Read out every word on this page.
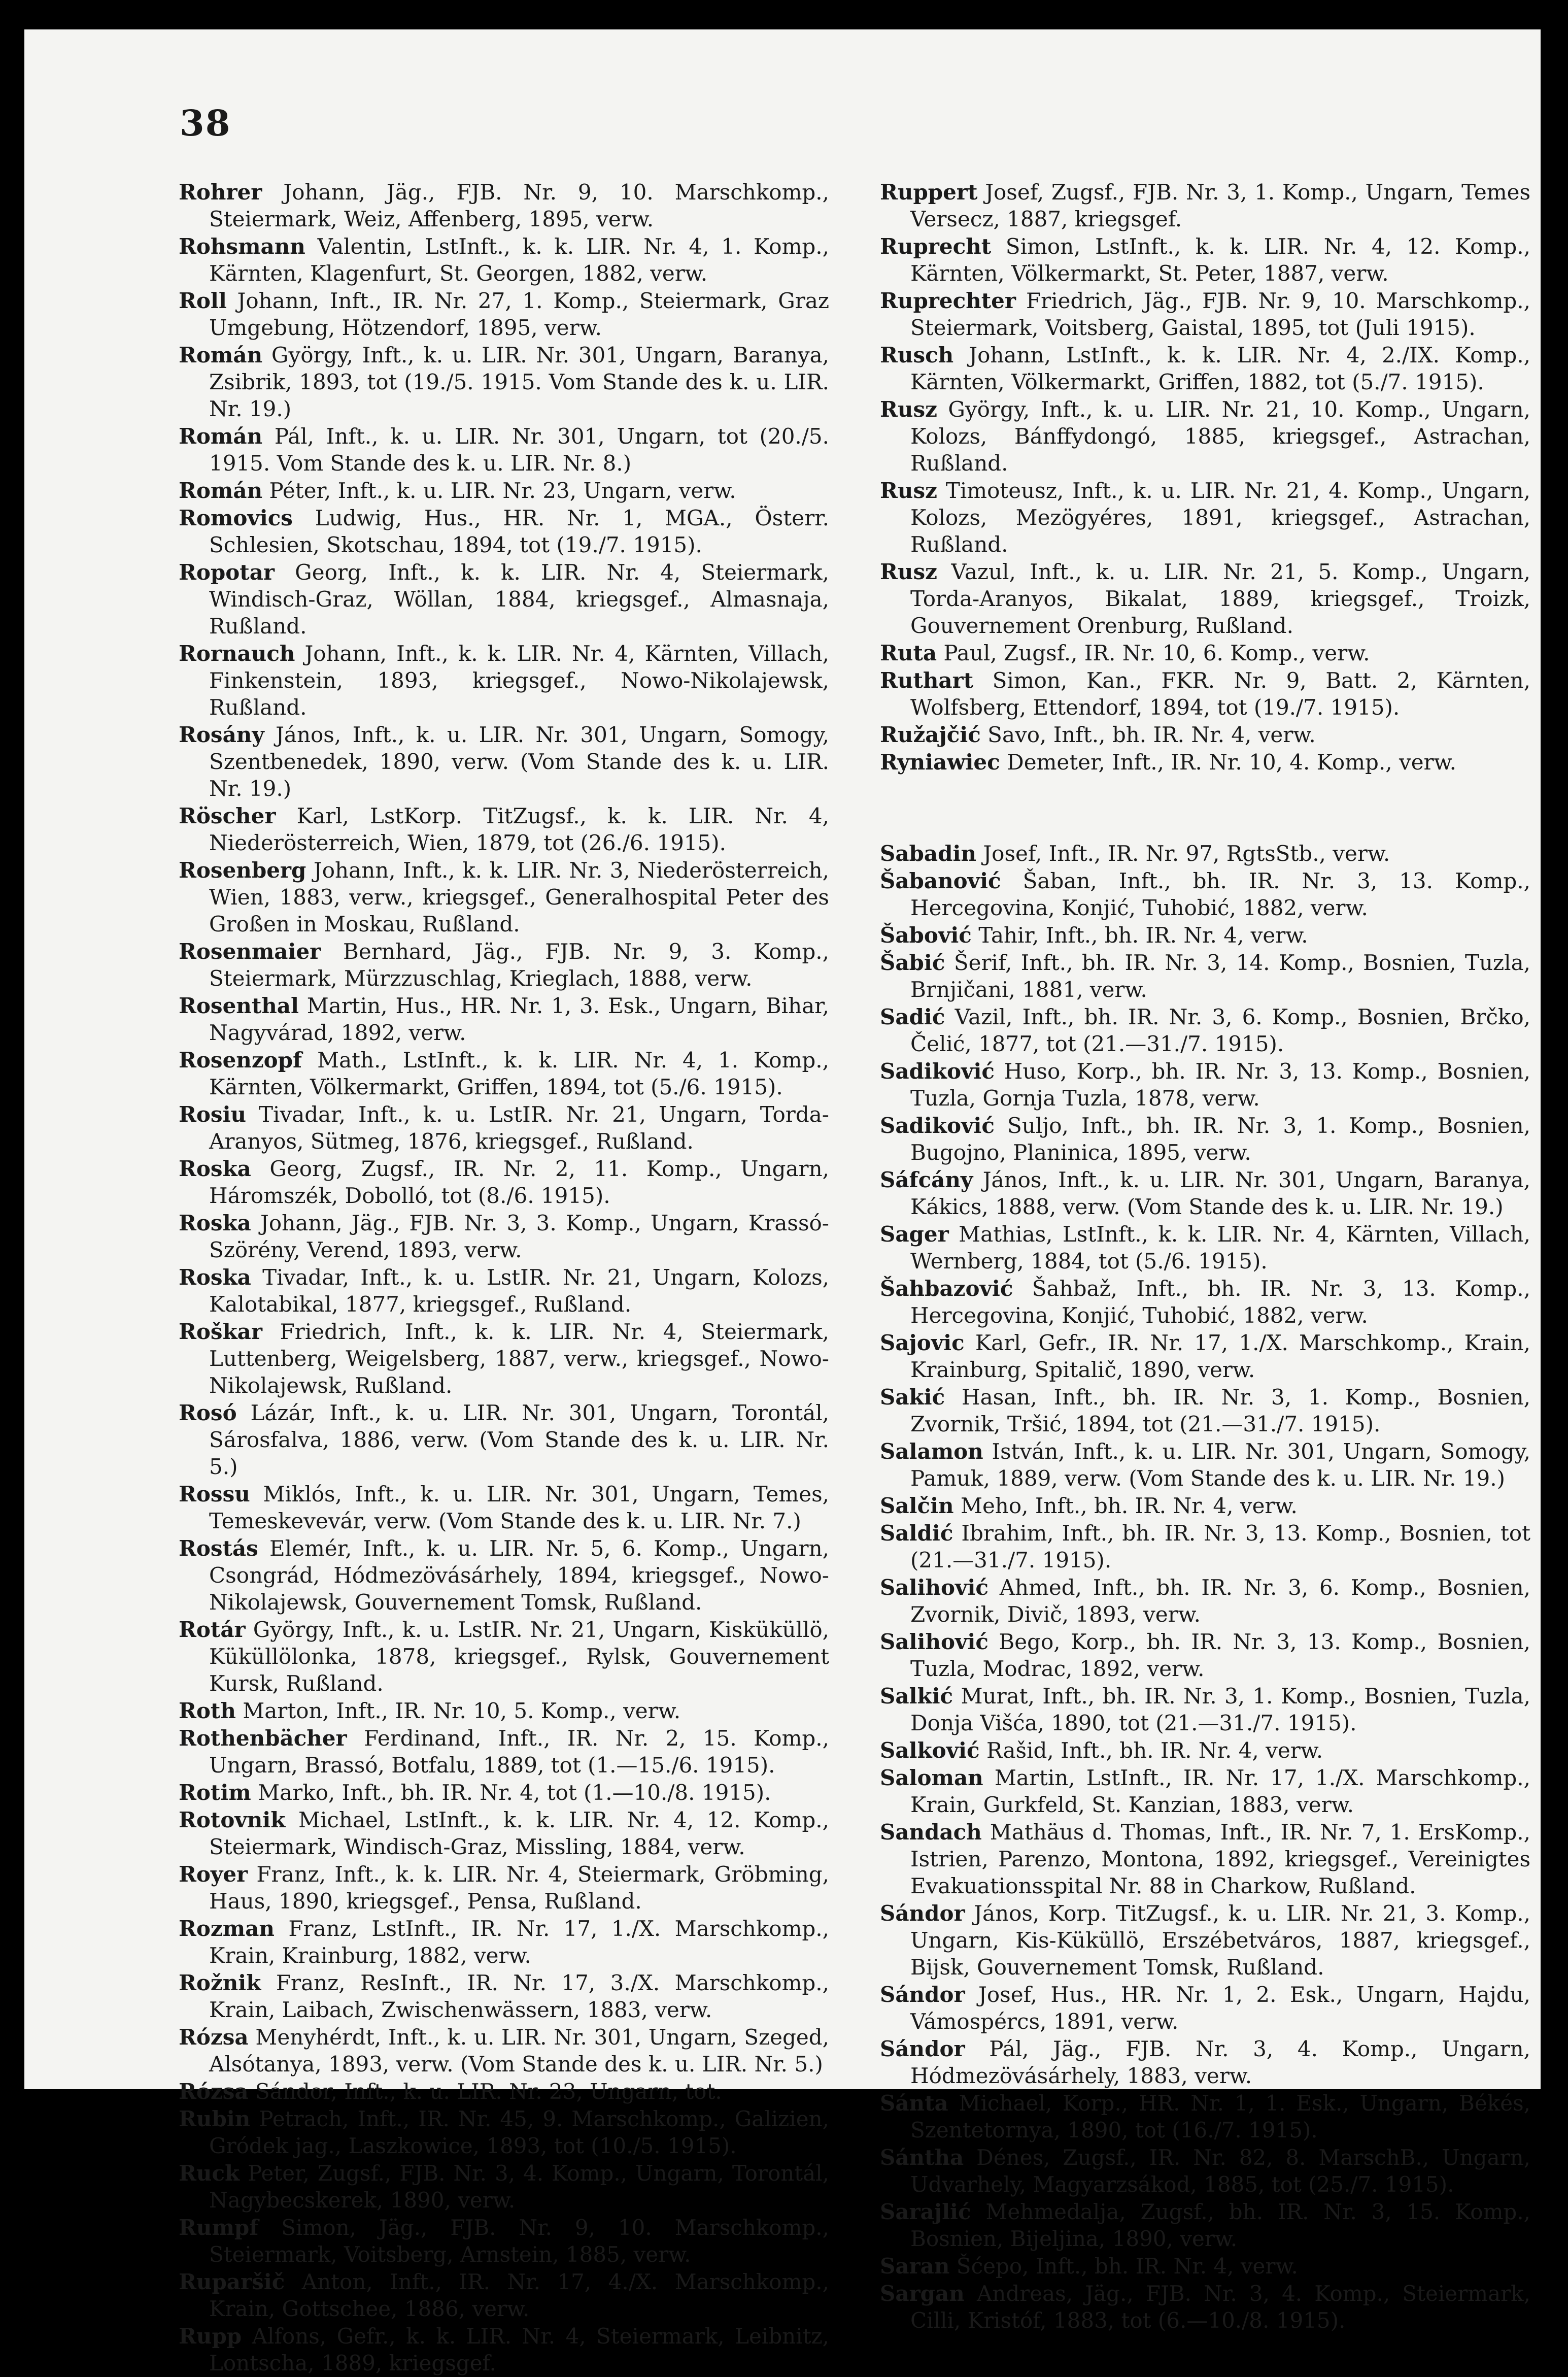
38

Rohrer Johann, Jäg., FJB. Nr. 9, 10. Marschkomp., Steiermark, Weiz, Affenberg, 1895, verw.

Rohsmann Valentin, LstInft., k. k. LIR. Nr. 4, 1. Komp., Kärnten, Klagenfurt, St. Georgen, 1882, verw.

Roll Johann, Inft., IR. Nr. 27, 1. Komp., Steiermark, Graz Umgebung, Hötzendorf, 1895, verw.

Román György, Inft., k. u. LIR. Nr. 301, Ungarn, Baranya, Zsibrik, 1893, tot (19./5. 1915. Vom Stande des k. u. LIR. Nr. 19.)

Román Pál, Inft., k. u. LIR. Nr. 301, Ungarn, tot (20./5. 1915. Vom Stande des k. u. LIR. Nr. 8.)

Román Péter, Inft., k. u. LIR. Nr. 23, Ungarn, verw.

Romovics Ludwig, Hus., HR. Nr. 1, MGA., Österr. Schlesien, Skotschau, 1894, tot (19./7. 1915).

Ropotar Georg, Inft., k. k. LIR. Nr. 4, Steiermark, Windisch-Graz, Wöllan, 1884, kriegsgef., Almasnaja, Rußland.

Rornauch Johann, Inft., k. k. LIR. Nr. 4, Kärnten, Villach, Finkenstein, 1893, kriegsgef., Nowo-Nikolajewsk, Rußland.

Rosány János, Inft., k. u. LIR. Nr. 301, Ungarn, Somogy, Szentbenedek, 1890, verw. (Vom Stande des k. u. LIR. Nr. 19.)

Röscher Karl, LstKorp. TitZugsf., k. k. LIR. Nr. 4, Niederösterreich, Wien, 1879, tot (26./6. 1915).

Rosenberg Johann, Inft., k. k. LIR. Nr. 3, Niederösterreich, Wien, 1883, verw., kriegsgef., Generalhospital Peter des Großen in Moskau, Rußland.

Rosenmaier Bernhard, Jäg., FJB. Nr. 9, 3. Komp., Steiermark, Mürzzuschlag, Krieglach, 1888, verw.

Rosenthal Martin, Hus., HR. Nr. 1, 3. Esk., Ungarn, Bihar, Nagyvárad, 1892, verw.

Rosenzopf Math., LstInft., k. k. LIR. Nr. 4, 1. Komp., Kärnten, Völkermarkt, Griffen, 1894, tot (5./6. 1915).

Rosiu Tivadar, Inft., k. u. LstIR. Nr. 21, Ungarn, Torda-Aranyos, Sütmeg, 1876, kriegsgef., Rußland.

Roska Georg, Zugsf., IR. Nr. 2, 11. Komp., Ungarn, Háromszék, Dobolló, tot (8./6. 1915).

Roska Johann, Jäg., FJB. Nr. 3, 3. Komp., Ungarn, Krassó-Szörény, Verend, 1893, verw.

Roska Tivadar, Inft., k. u. LstIR. Nr. 21, Ungarn, Kolozs, Kalotabikal, 1877, kriegsgef., Rußland.

Roškar Friedrich, Inft., k. k. LIR. Nr. 4, Steiermark, Luttenberg, Weigelsberg, 1887, verw., kriegsgef., Nowo-Nikolajewsk, Rußland.

Rosó Lázár, Inft., k. u. LIR. Nr. 301, Ungarn, Torontál, Sárosfalva, 1886, verw. (Vom Stande des k. u. LIR. Nr. 5.)

Rossu Miklós, Inft., k. u. LIR. Nr. 301, Ungarn, Temes, Temeskevevár, verw. (Vom Stande des k. u. LIR. Nr. 7.)

Rostás Elemér, Inft., k. u. LIR. Nr. 5, 6. Komp., Ungarn, Csongrád, Hódmezövásárhely, 1894, kriegsgef., Nowo-Nikolajewsk, Gouvernement Tomsk, Rußland.

Rotár György, Inft., k. u. LstIR. Nr. 21, Ungarn, Kisküküllö, Küküllölonka, 1878, kriegsgef., Rylsk, Gouvernement Kursk, Rußland.

Roth Marton, Inft., IR. Nr. 10, 5. Komp., verw.

Rothenbächer Ferdinand, Inft., IR. Nr. 2, 15. Komp., Ungarn, Brassó, Botfalu, 1889, tot (1.—15./6. 1915).

Rotim Marko, Inft., bh. IR. Nr. 4, tot (1.—10./8. 1915).

Rotovnik Michael, LstInft., k. k. LIR. Nr. 4, 12. Komp., Steiermark, Windisch-Graz, Missling, 1884, verw.

Royer Franz, Inft., k. k. LIR. Nr. 4, Steiermark, Gröbming, Haus, 1890, kriegsgef., Pensa, Rußland.

Rozman Franz, LstInft., IR. Nr. 17, 1./X. Marschkomp., Krain, Krainburg, 1882, verw.

Rožnik Franz, ResInft., IR. Nr. 17, 3./X. Marschkomp., Krain, Laibach, Zwischenwässern, 1883, verw.

Rózsa Menyhérdt, Inft., k. u. LIR. Nr. 301, Ungarn, Szeged, Alsótanya, 1893, verw. (Vom Stande des k. u. LIR. Nr. 5.)

Rózsa Sándor, Inft., k. u. LIR. Nr. 23, Ungarn, tot.

Rubin Petrach, Inft., IR. Nr. 45, 9. Marschkomp., Galizien, Gródek jag., Laszkowice, 1893, tot (10./5. 1915).

Ruck Peter, Zugsf., FJB. Nr. 3, 4. Komp., Ungarn, Torontál, Nagybecskerek, 1890, verw.

Rumpf Simon, Jäg., FJB. Nr. 9, 10. Marschkomp., Steiermark, Voitsberg, Arnstein, 1885, verw.

Ruparšič Anton, Inft., IR. Nr. 17, 4./X. Marschkomp., Krain, Gottschee, 1886, verw.

Rupp Alfons, Gefr., k. k. LIR. Nr. 4, Steiermark, Leibnitz, Lontscha, 1889, kriegsgef.

Ruppert Josef, Zugsf., FJB. Nr. 3, 1. Komp., Ungarn, Temes Versecz, 1887, kriegsgef.

Ruprecht Simon, LstInft., k. k. LIR. Nr. 4, 12. Komp., Kärnten, Völkermarkt, St. Peter, 1887, verw.

Ruprechter Friedrich, Jäg., FJB. Nr. 9, 10. Marschkomp., Steiermark, Voitsberg, Gaistal, 1895, tot (Juli 1915).

Rusch Johann, LstInft., k. k. LIR. Nr. 4, 2./IX. Komp., Kärnten, Völkermarkt, Griffen, 1882, tot (5./7. 1915).

Rusz György, Inft., k. u. LIR. Nr. 21, 10. Komp., Ungarn, Kolozs, Bánffydongó, 1885, kriegsgef., Astrachan, Rußland.

Rusz Timoteusz, Inft., k. u. LIR. Nr. 21, 4. Komp., Ungarn, Kolozs, Mezögyéres, 1891, kriegsgef., Astrachan, Rußland.

Rusz Vazul, Inft., k. u. LIR. Nr. 21, 5. Komp., Ungarn, Torda-Aranyos, Bikalat, 1889, kriegsgef., Troizk, Gouvernement Orenburg, Rußland.

Ruta Paul, Zugsf., IR. Nr. 10, 6. Komp., verw.

Ruthart Simon, Kan., FKR. Nr. 9, Batt. 2, Kärnten, Wolfsberg, Ettendorf, 1894, tot (19./7. 1915).

Ružajčić Savo, Inft., bh. IR. Nr. 4, verw.

Ryniawiec Demeter, Inft., IR. Nr. 10, 4. Komp., verw.

Sabadin Josef, Inft., IR. Nr. 97, RgtsStb., verw.

Šabanović Šaban, Inft., bh. IR. Nr. 3, 13. Komp., Hercegovina, Konjić, Tuhobić, 1882, verw.

Šabović Tahir, Inft., bh. IR. Nr. 4, verw.

Šabić Šerif, Inft., bh. IR. Nr. 3, 14. Komp., Bosnien, Tuzla, Brnjičani, 1881, verw.

Sadić Vazil, Inft., bh. IR. Nr. 3, 6. Komp., Bosnien, Brčko, Čelić, 1877, tot (21.—31./7. 1915).

Sadiković Huso, Korp., bh. IR. Nr. 3, 13. Komp., Bosnien, Tuzla, Gornja Tuzla, 1878, verw.

Sadiković Suljo, Inft., bh. IR. Nr. 3, 1. Komp., Bosnien, Bugojno, Planinica, 1895, verw.

Sáfcány János, Inft., k. u. LIR. Nr. 301, Ungarn, Baranya, Kákics, 1888, verw. (Vom Stande des k. u. LIR. Nr. 19.)

Sager Mathias, LstInft., k. k. LIR. Nr. 4, Kärnten, Villach, Wernberg, 1884, tot (5./6. 1915).

Šahbazović Šahbaž, Inft., bh. IR. Nr. 3, 13. Komp., Hercegovina, Konjić, Tuhobić, 1882, verw.

Sajovic Karl, Gefr., IR. Nr. 17, 1./X. Marschkomp., Krain, Krainburg, Spitalič, 1890, verw.

Sakić Hasan, Inft., bh. IR. Nr. 3, 1. Komp., Bosnien, Zvornik, Tršić, 1894, tot (21.—31./7. 1915).

Salamon István, Inft., k. u. LIR. Nr. 301, Ungarn, Somogy, Pamuk, 1889, verw. (Vom Stande des k. u. LIR. Nr. 19.)

Salčin Meho, Inft., bh. IR. Nr. 4, verw.

Saldić Ibrahim, Inft., bh. IR. Nr. 3, 13. Komp., Bosnien, tot (21.—31./7. 1915).

Salihović Ahmed, Inft., bh. IR. Nr. 3, 6. Komp., Bosnien, Zvornik, Divič, 1893, verw.

Salihović Bego, Korp., bh. IR. Nr. 3, 13. Komp., Bosnien, Tuzla, Modrac, 1892, verw.

Salkić Murat, Inft., bh. IR. Nr. 3, 1. Komp., Bosnien, Tuzla, Donja Višća, 1890, tot (21.—31./7. 1915).

Salković Rašid, Inft., bh. IR. Nr. 4, verw.

Saloman Martin, LstInft., IR. Nr. 17, 1./X. Marschkomp., Krain, Gurkfeld, St. Kanzian, 1883, verw.

Sandach Mathäus d. Thomas, Inft., IR. Nr. 7, 1. ErsKomp., Istrien, Parenzo, Montona, 1892, kriegsgef., Vereinigtes Evakuationsspital Nr. 88 in Charkow, Rußland.

Sándor János, Korp. TitZugsf., k. u. LIR. Nr. 21, 3. Komp., Ungarn, Kis-Küküllö, Erszébetváros, 1887, kriegsgef., Bijsk, Gouvernement Tomsk, Rußland.

Sándor Josef, Hus., HR. Nr. 1, 2. Esk., Ungarn, Hajdu, Vámospércs, 1891, verw.

Sándor Pál, Jäg., FJB. Nr. 3, 4. Komp., Ungarn, Hódmezövásárhely, 1883, verw.

Sánta Michael, Korp., HR. Nr. 1, 1. Esk., Ungarn, Békés, Szentetornya, 1890, tot (16./7. 1915).

Sántha Dénes, Zugsf., IR. Nr. 82, 8. MarschB., Ungarn, Udvarhely, Magyarzsákod, 1885, tot (25./7. 1915).

Sarajlić Mehmedalja, Zugsf., bh. IR. Nr. 3, 15. Komp., Bosnien, Bijeljina, 1890, verw.

Saran Šćepo, Inft., bh. IR. Nr. 4, verw.

Sargan Andreas, Jäg., FJB. Nr. 3, 4. Komp., Steiermark, Cilli, Kristóf, 1883, tot (6.—10./8. 1915).
